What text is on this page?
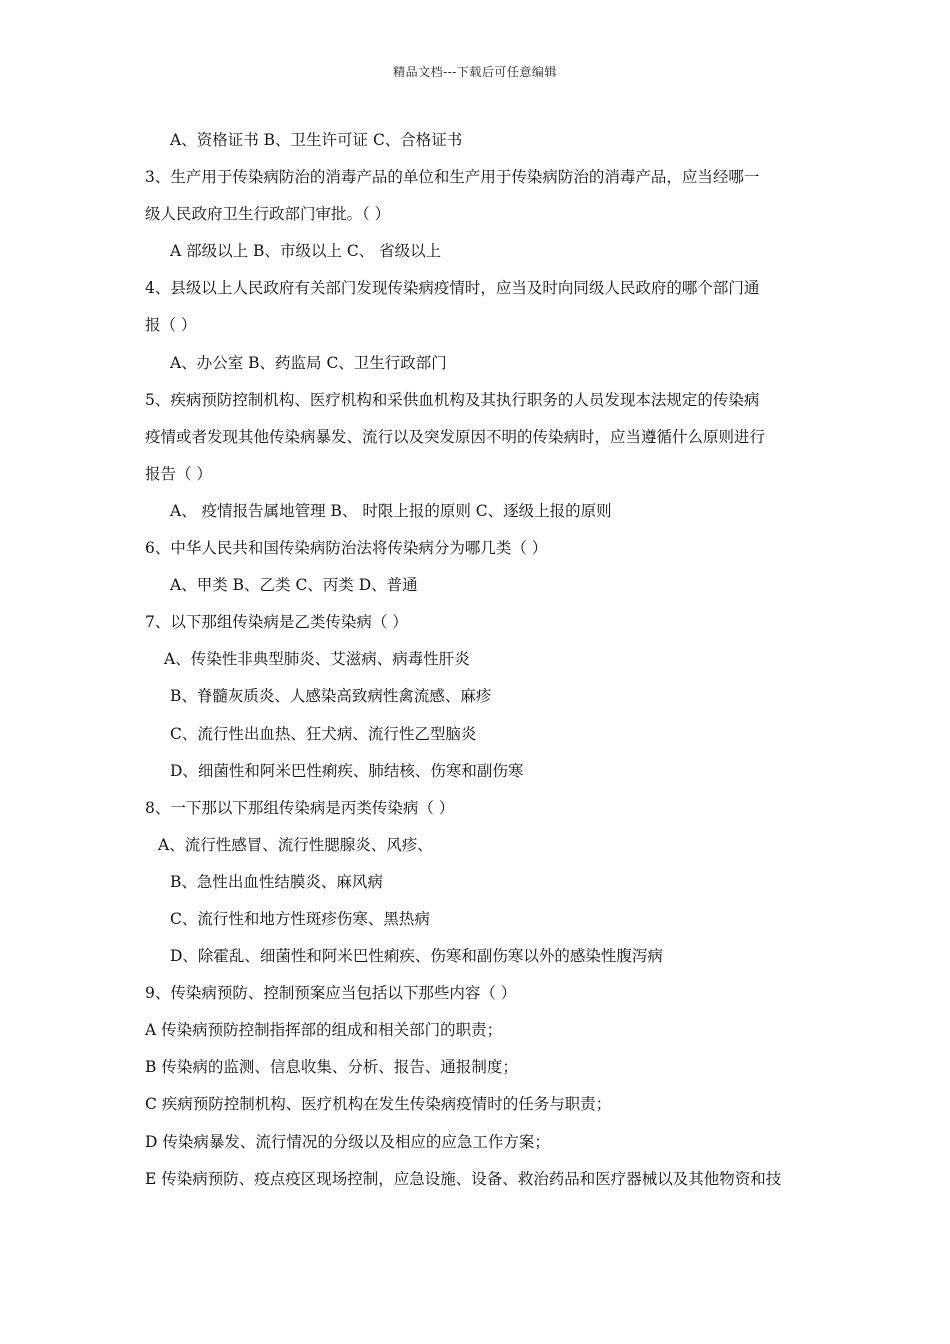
精品文档---下载后可任意编辑
A、资格证书 B、卫生许可证 C、合格证书
3、生产用于传染病防治的消毒产品的单位和生产用于传染病防治的消毒产品，应当经哪一
级人民政府卫生行政部门审批。（ ）
A 部级以上 B、市级以上 C、 省级以上
4、县级以上人民政府有关部门发现传染病疫情时，应当及时向同级人民政府的哪个部门通
报（ ）
A、办公室 B、药监局 C、卫生行政部门
5、疾病预防控制机构、医疗机构和采供血机构及其执行职务的人员发现本法规定的传染病
疫情或者发现其他传染病暴发、流行以及突发原因不明的传染病时，应当遵循什么原则进行
报告（ ）
A、 疫情报告属地管理 B、 时限上报的原则 C、逐级上报的原则
6、中华人民共和国传染病防治法将传染病分为哪几类（ ）
A、甲类 B、乙类 C、丙类 D、普通
7、以下那组传染病是乙类传染病（ ）
A、传染性非典型肺炎、艾滋病、病毒性肝炎
B、脊髓灰质炎、人感染高致病性禽流感、麻疹
C、流行性出血热、狂犬病、流行性乙型脑炎
D、细菌性和阿米巴性痢疾、肺结核、伤寒和副伤寒
8、一下那以下那组传染病是丙类传染病（ ）
A、流行性感冒、流行性腮腺炎、风疹、
B、急性出血性结膜炎、麻风病
C、流行性和地方性斑疹伤寒、黑热病
D、除霍乱、细菌性和阿米巴性痢疾、伤寒和副伤寒以外的感染性腹泻病
9、传染病预防、控制预案应当包括以下那些内容（ ）
A 传染病预防控制指挥部的组成和相关部门的职责；
B 传染病的监测、信息收集、分析、报告、通报制度；
C 疾病预防控制机构、医疗机构在发生传染病疫情时的任务与职责；
D 传染病暴发、流行情况的分级以及相应的应急工作方案；
E 传染病预防、疫点疫区现场控制，应急设施、设备、救治药品和医疗器械以及其他物资和技
